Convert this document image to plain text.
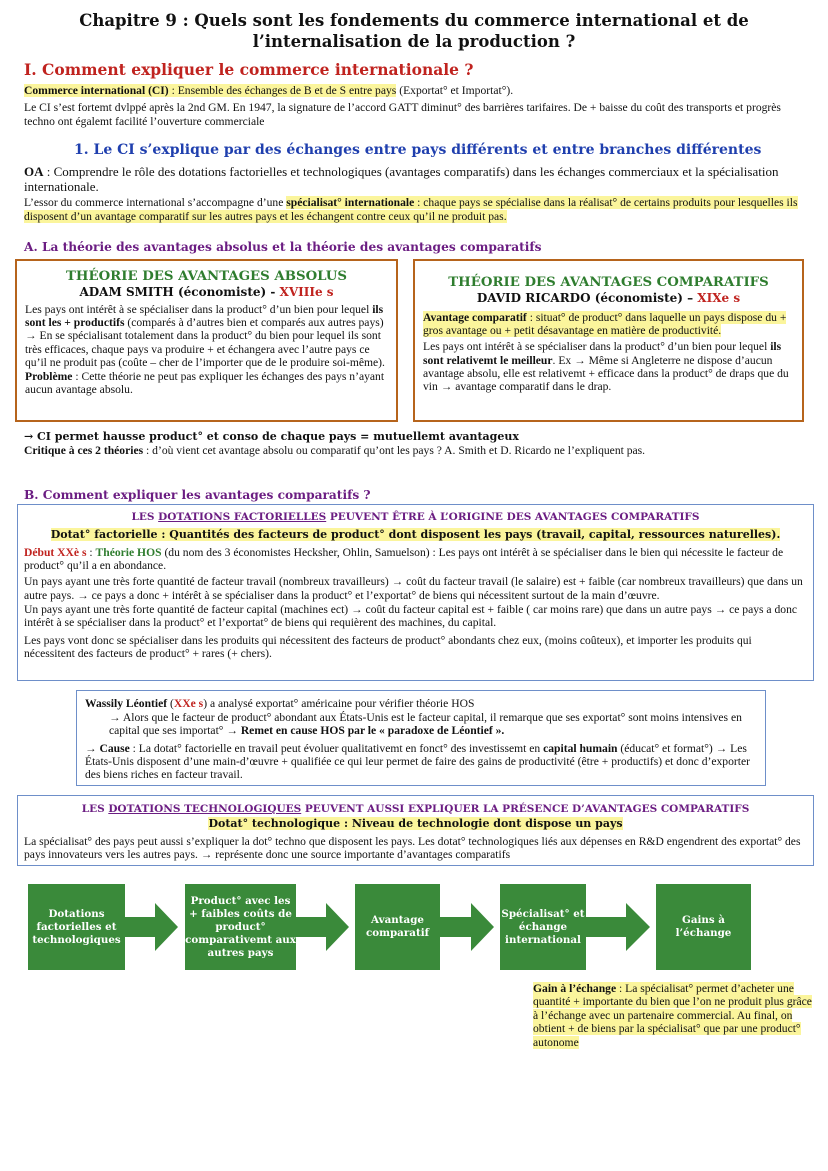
Chapitre 9 : Quels sont les fondements du commerce international et de l’internalisation de la production ?
I. Comment expliquer le commerce internationale ?
Commerce international (CI) : Ensemble des échanges de B et de S entre pays (Exportat° et Importat°).
Le CI s’est fortemt dvlppé après la 2nd GM. En 1947, la signature de l’accord GATT diminut° des barrières tarifaires. De + baisse du coût des transports et progrès techno ont égalemt facilité l’ouverture commerciale
1. Le CI s’explique par des échanges entre pays différents et entre branches différentes
OA : Comprendre le rôle des dotations factorielles et technologiques (avantages comparatifs) dans les échanges commerciaux et la spécialisation internationale.
L’essor du commerce international s’accompagne d’une spécialisat° internationale : chaque pays se spécialise dans la réalisat° de certains produits pour lesquelles ils disposent d’un avantage comparatif sur les autres pays et les échangent contre ceux qu’il ne produit pas.
A. La théorie des avantages absolus et la théorie des avantages comparatifs
THÉORIE DES AVANTAGES ABSOLUS
ADAM SMITH (économiste) - XVIIIe s
Les pays ont intérêt à se spécialiser dans la product° d’un bien pour lequel ils sont les + productifs (comparés à d’autres bien et comparés aux autres pays) → En se spécialisant totalement dans la product° du bien pour lequel ils sont très efficaces, chaque pays va produire + et échangera avec l’autre pays ce qu’il ne produit pas (coûte – cher de l’importer que de le produire soi-même).
Problème : Cette théorie ne peut pas expliquer les échanges des pays n’ayant aucun avantage absolu.
THÉORIE DES AVANTAGES COMPARATIFS
DAVID RICARDO (économiste) – XIXe s
Avantage comparatif : situat° de product° dans laquelle un pays dispose du + gros avantage ou + petit désavantage en matière de productivité.
Les pays ont intérêt à se spécialiser dans la product° d’un bien pour lequel ils sont relativemt le meilleur. Ex → Même si Angleterre ne dispose d’aucun avantage absolu, elle est relativemt + efficace dans la product° de draps que du vin → avantage comparatif dans le drap.
→ CI permet hausse product° et conso de chaque pays = mutuellemt avantageux
Critique à ces 2 théories : d’où vient cet avantage absolu ou comparatif qu’ont les pays ? A. Smith et D. Ricardo ne l’expliquent pas.
B. Comment expliquer les avantages comparatifs ?
LES DOTATIONS FACTORIELLES PEUVENT ÊTRE À L’ORIGINE DES AVANTAGES COMPARATIFS
Dotat° factorielle : Quantités des facteurs de product° dont disposent les pays (travail, capital, ressources naturelles).
Début XXè s : Théorie HOS (du nom des 3 économistes Hecksher, Ohlin, Samuelson) : Les pays ont intérêt à se spécialiser dans le bien qui nécessite le facteur de product° qu’il a en abondance.
Un pays ayant une très forte quantité de facteur travail (nombreux travailleurs) → coût du facteur travail (le salaire) est + faible (car nombreux travailleurs) que dans un autre pays. → ce pays a donc + intérêt à se spécialiser dans la product° et l’exportat° de biens qui nécessitent surtout de la main d’œuvre.
Un pays ayant une très forte quantité de facteur capital (machines ect) → coût du facteur capital est + faible ( car moins rare) que dans un autre pays → ce pays a donc intérêt à se spécialiser dans la product° et l’exportat° de biens qui requièrent des machines, du capital.
Les pays vont donc se spécialiser dans les produits qui nécessitent des facteurs de product° abondants chez eux, (moins coûteux), et importer les produits qui nécessitent des facteurs de product° + rares (+ chers).
Wassily Léontief (XXe s) a analysé exportat° américaine pour vérifier théorie HOS
→ Alors que le facteur de product° abondant aux États-Unis est le facteur capital, il remarque que ses exportat° sont moins intensives en capital que ses importat° → Remet en cause HOS par le « paradoxe de Léontief ».
→ Cause : La dotat° factorielle en travail peut évoluer qualitativemt en fonct° des investissemt en capital humain (éducat° et format°) → Les États-Unis disposent d’une main-d’œuvre + qualifiée ce qui leur permet de faire des gains de productivité (être + productifs) et donc d’exporter des biens riches en facteur travail.
LES DOTATIONS TECHNOLOGIQUES PEUVENT AUSSI EXPLIQUER LA PRÉSENCE D’AVANTAGES COMPARATIFS
Dotat° technologique : Niveau de technologie dont dispose un pays
La spécialisat° des pays peut aussi s’expliquer la dot° techno que disposent les pays. Les dotat° technologiques liés aux dépenses en R&D engendrent des exportat° des pays innovateurs vers les autres pays. → représente donc une source importante d’avantages comparatifs
Dotations factorielles et technologiques
Product° avec les + faibles coûts de product° comparativemt aux autres pays
Avantage comparatif
Spécialisat° et échange international
Gains à l’échange
Gain à l’échange : La spécialisat° permet d’acheter une quantité + importante du bien que l’on ne produit plus grâce à l’échange avec un partenaire commercial. Au final, on obtient + de biens par la spécialisat° que par une product° autonome
